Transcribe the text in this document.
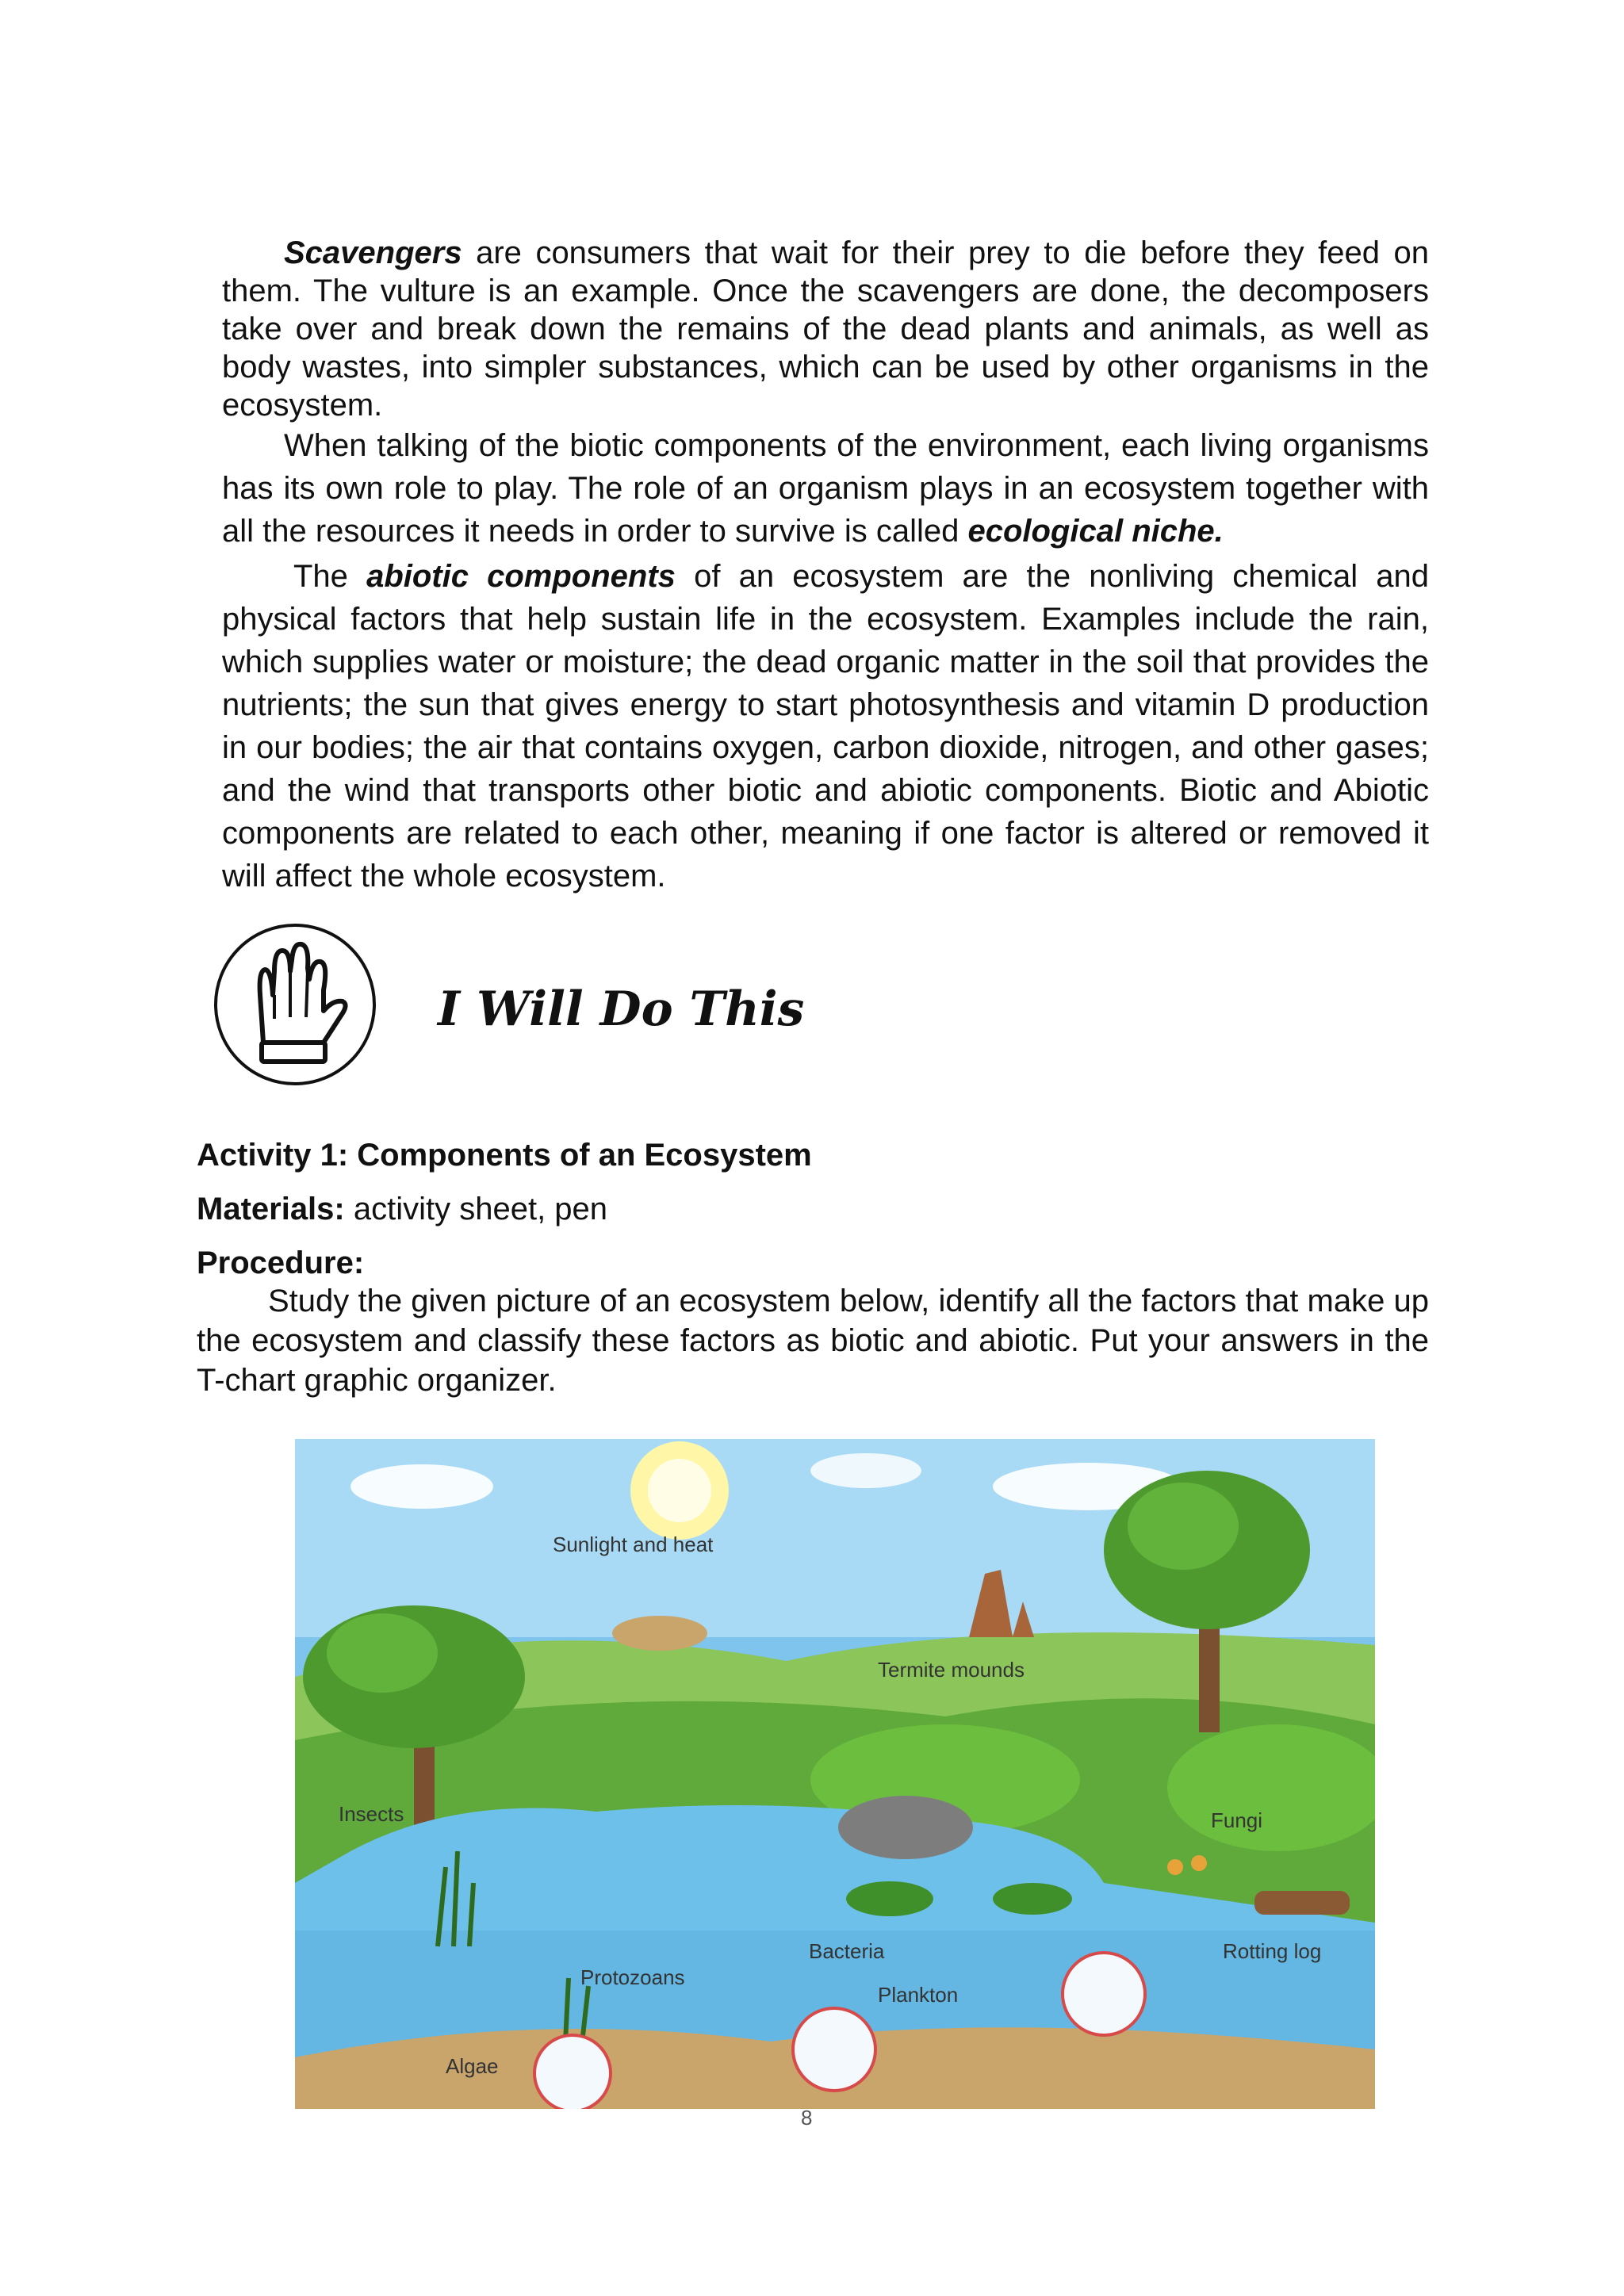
Scavengers are consumers that wait for their prey to die before they feed on them. The vulture is an example. Once the scavengers are done, the decomposers take over and break down the remains of the dead plants and animals, as well as body wastes, into simpler substances, which can be used by other organisms in the ecosystem.

When talking of the biotic components of the environment, each living organisms has its own role to play. The role of an organism plays in an ecosystem together with all the resources it needs in order to survive is called ecological niche.

The abiotic components of an ecosystem are the nonliving chemical and physical factors that help sustain life in the ecosystem. Examples include the rain, which supplies water or moisture; the dead organic matter in the soil that provides the nutrients; the sun that gives energy to start photosynthesis and vitamin D production in our bodies; the air that contains oxygen, carbon dioxide, nitrogen, and other gases; and the wind that transports other biotic and abiotic components. Biotic and Abiotic components are related to each other, meaning if one factor is altered or removed it will affect the whole ecosystem.

I Will Do This

Activity 1: Components of an Ecosystem

Materials: activity sheet, pen

Procedure:

Study the given picture of an ecosystem below, identify all the factors that make up the ecosystem and classify these factors as biotic and abiotic. Put your answers in the T-chart graphic organizer.

Sunlight and heat
Termite mounds
Insects	Fungi
Rotting log
Bacteria
Protozoans
Plankton
Algae

8
